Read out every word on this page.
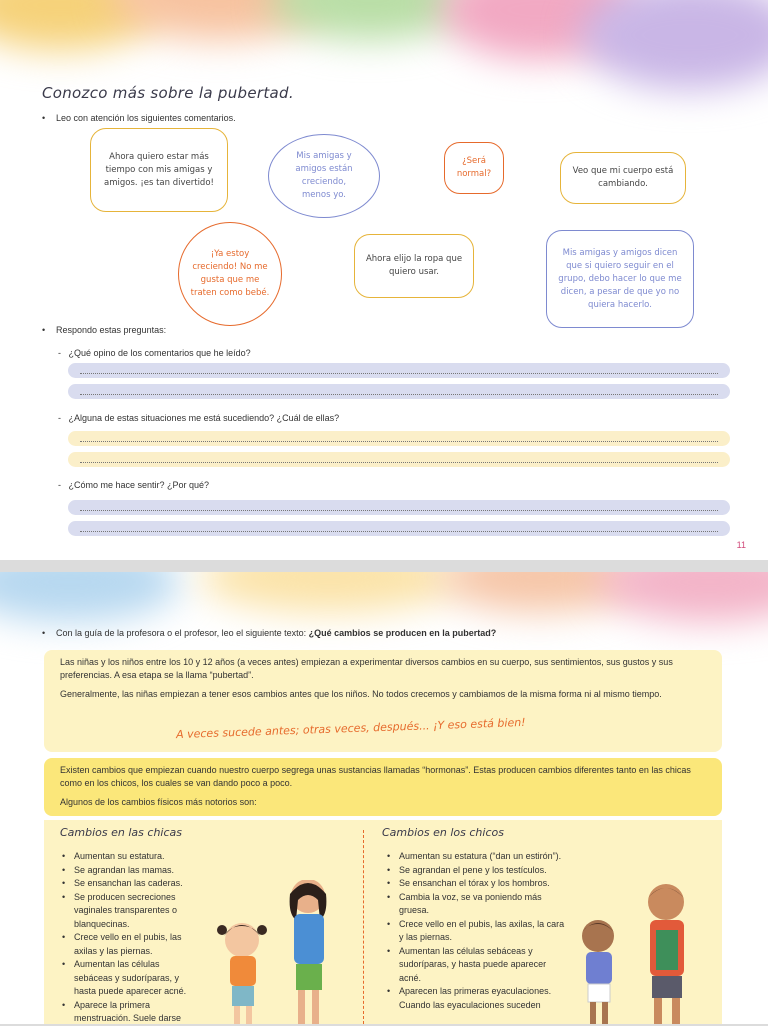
Conozco más sobre la pubertad.
• Leo con atención los siguientes comentarios.
Ahora quiero estar más tiempo con mis amigas y amigos. ¡es tan divertido!
Mis amigas y amigos están creciendo, menos yo.
¿Será normal?	Veo que mi cuerpo está cambiando.
¡Ya estoy creciendo! No me gusta que me traten como bebé.
Ahora elijo la ropa que quiero usar.
Mis amigas y amigos dicen que si quiero seguir en el grupo, debo hacer lo que me dicen, a pesar de que yo no quiera hacerlo.
• Respondo estas preguntas:
-   ¿Qué opino de los comentarios que he leído?
-   ¿Alguna de estas situaciones me está sucediendo? ¿Cuál de ellas?
-   ¿Cómo me hace sentir? ¿Por qué?
11
• Con la guía de la profesora o el profesor, leo el siguiente texto: ¿Qué cambios se producen en la pubertad?

Las niñas y los niños entre los 10 y 12 años (a veces antes) empiezan a experimentar diversos cambios en su cuerpo, sus sentimientos, sus gustos y sus preferencias. A esa etapa se la llama “pubertad”.

Generalmente, las niñas empiezan a tener esos cambios antes que los niños. No todos crecemos y cambiamos de la misma forma ni al mismo tiempo.

A veces sucede antes; otras veces, después... ¡Y eso está bien!

Existen cambios que empiezan cuando nuestro cuerpo segrega unas sustancias llamadas “hormonas”. Estas producen cambios diferentes tanto en las chicas como en los chicos, los cuales se van dando poco a poco.

Algunos de los cambios físicos más notorios son:

Cambios en las chicas
• Aumentan su estatura.
• Se agrandan las mamas.
• Se ensanchan las caderas.
• Se producen secreciones vaginales transparentes o blanquecinas.
• Crece vello en el pubis, las axilas y las piernas.
• Aumentan las células sebáceas y sudoríparas, y hasta puede aparecer acné.
• Aparece la primera menstruación. Suele darse
Cambios en los chicos
• Aumentan su estatura (“dan un estirón”).
• Se agrandan el pene y los testículos.
• Se ensanchan el tórax y los hombros.
• Cambia la voz, se va poniendo más gruesa.
• Crece vello en el pubis, las axilas, la cara y las piernas.
• Aumentan las células sebáceas y sudoríparas, y hasta puede aparecer acné.
• Aparecen las primeras eyaculaciones. Cuando las eyaculaciones suceden
